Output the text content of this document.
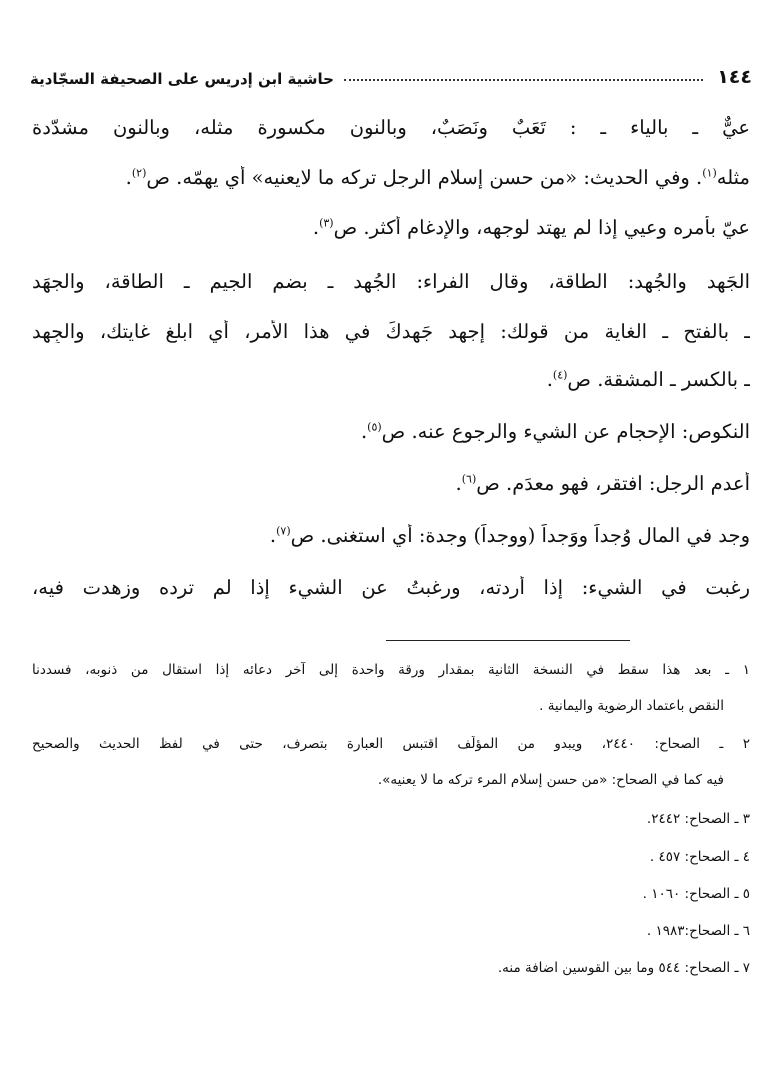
١٤٤
حاشية ابن إدريس على الصحيفة السجّادية
عيٌّ ـ بالياء ـ : تَعَبٌ ونَصَبٌ، وبالنون مكسورة مثله، وبالنون مشدّدة
مثله$^{(١)}$. وفي الحديث: «من حسن إسلام الرجل تركه ما لايعنيه» أي يهمّه. ص$^{(٢)}$.
عيّ بأمره وعيي إذا لم يهتد لوجهه، والإدغام أكثر. ص$^{(٣)}$.
الجَهد والجُهد: الطاقة، وقال الفراء: الجُهد ـ بضم الجيم ـ الطاقة، والجهَد
ـ بالفتح ـ الغاية من قولك: إجهد جَهدكَ في هذا الأمر، أي ابلغ غايتك، والجِهد
ـ بالكسر ـ المشقة. ص$^{(٤)}$.
النكوص: الإحجام عن الشيء والرجوع عنه. ص$^{(٥)}$.
أعدم الرجل: افتقر، فهو معدَم. ص$^{(٦)}$.
وجد في المال وُجداً ووَجداً (ووِجداً) وجدة: أي استغنى. ص$^{(٧)}$.
رغبت في الشيء: إذا أردته، ورغبتُ عن الشيء إذا لم ترده وزهدت فيه،
١ ـ بعد هذا سقط في النسخة الثانية بمقدار ورقة واحدة إلى آخر دعائه إذا استقال من ذنوبه، فسددنا
النقص باعتماد الرضوية واليمانية .
٢ ـ الصحاح: ٢٤٤٠، ويبدو من المؤلّف اقتبس العبارة بتصرف، حتى في لفظ الحديث والصحيح
فيه كما في الصحاح: «من حسن إسلام المرء تركه ما لا يعنيه».
٣ ـ الصحاح: ٢٤٤٢.
٤ ـ الصحاح: ٤٥٧ .
٥ ـ الصحاح: ١٠٦٠ .
٦ ـ الصحاح:١٩٨٣ .
٧ ـ الصحاح: ٥٤٤ وما بين القوسين اضافة منه.
